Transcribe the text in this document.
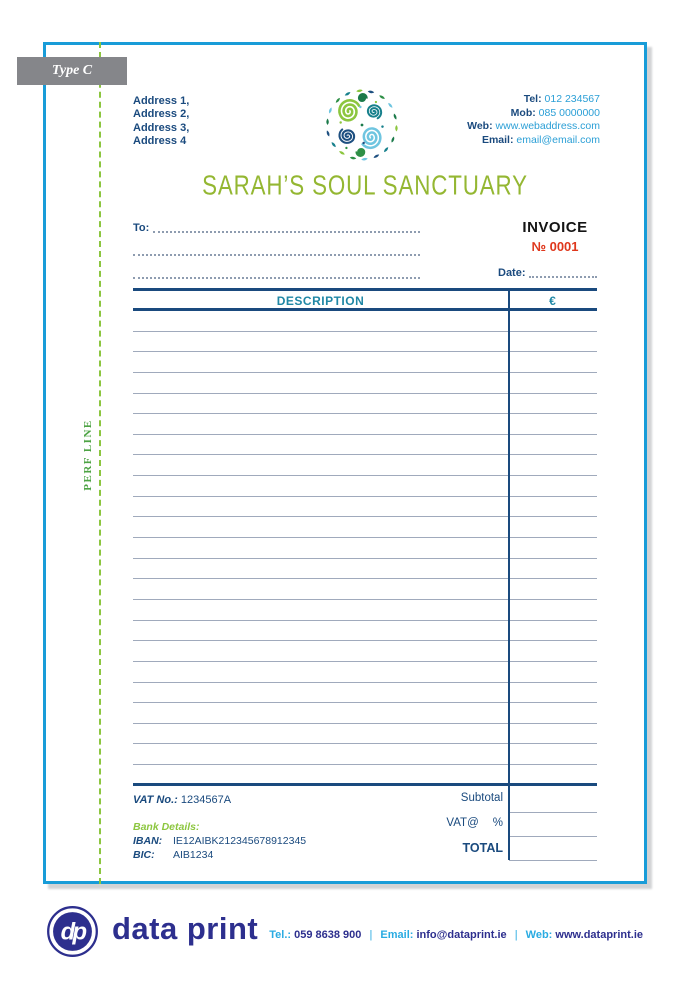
Type C
PERF LINE
Address 1,
Address 2,
Address 3,
Address 4
Tel: 012 234567
Mob: 085 0000000
Web: www.webaddress.com
Email: email@email.com
SARAH’S SOUL SANCTUARY
To:	INVOICE
№ 0001
Date:
DESCRIPTION	€
Subtotal
VAT@ %
TOTAL
VAT No.: 1234567A
Bank Details:
IBAN: IE12AIBK212345678912345
BIC: AIB1234
dp data print Tel.: 059 8638 900 | Email: info@dataprint.ie | Web: www.dataprint.ie
